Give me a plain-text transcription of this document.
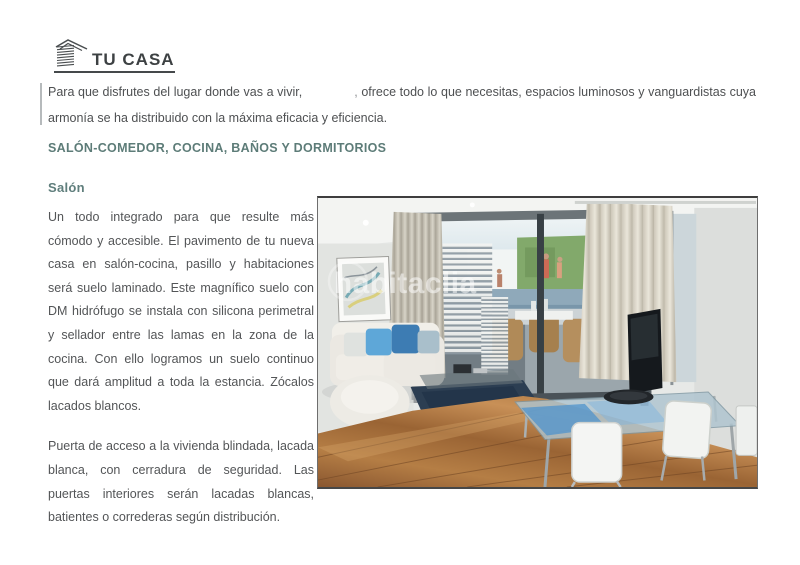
TU CASA
Para que disfrutes del lugar donde vas a vivir,	, ofrece todo lo que necesitas, espacios luminosos y vanguardistas cuya armonía se ha distribuido con la máxima eficacia y eficiencia.
SALÓN-COMEDOR, COCINA, BAÑOS Y DORMITORIOS
Salón

Un todo integrado para que resulte más cómodo y accesible. El pavimento de tu nueva casa en salón-cocina, pasillo y habitaciones será suelo laminado. Este magnífico suelo con DM hidrófugo se instala con silicona perimetral y sellador entre las lamas en la zona de la cocina. Con ello logramos un suelo continuo que dará amplitud a toda la estancia. Zócalos lacados blancos.

Puerta de acceso a la vivienda blindada, lacada blanca, con cerradura de seguridad. Las puertas interiores serán lacadas blancas, batientes o correderas según distribución.

habitaclia
